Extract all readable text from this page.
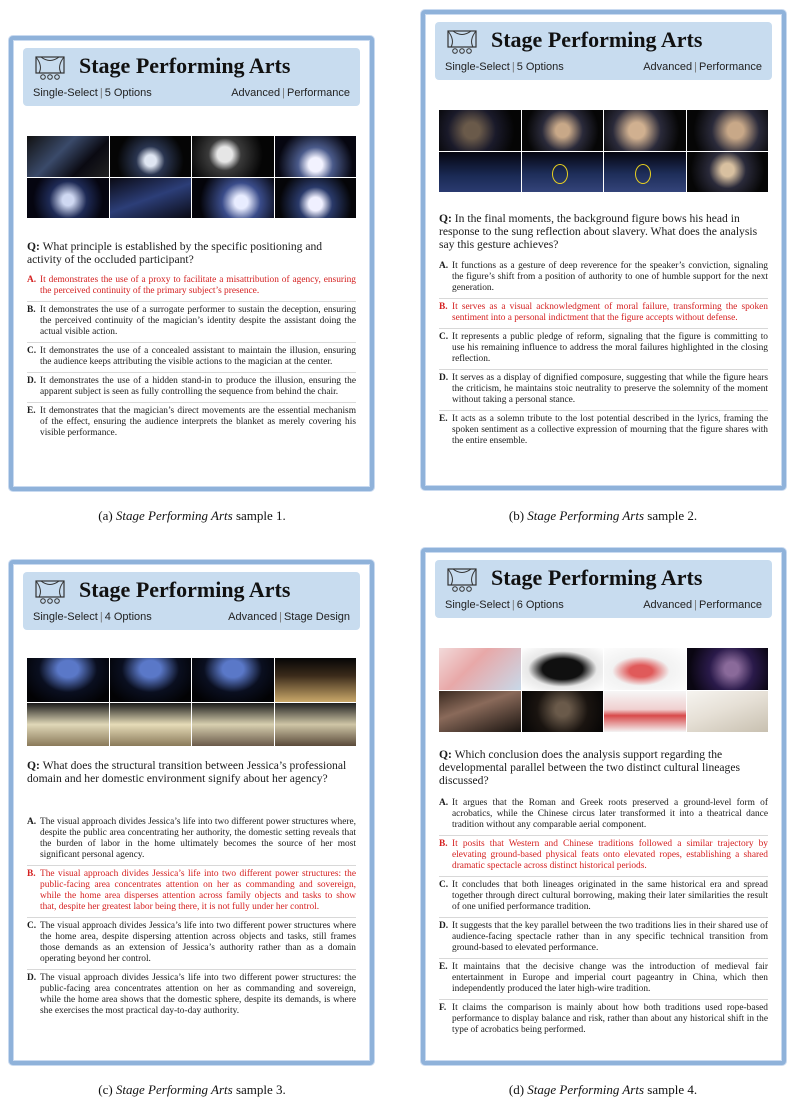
Stage Performing Arts
Single-Select | 5 Options	Advanced | Performance
Q: What principle is established by the specific positioning and activity of the occluded participant?
A. It demonstrates the use of a proxy to facilitate a misattribution of agency, ensuring the perceived continuity of the primary subject’s presence.
B. It demonstrates the use of a surrogate performer to sustain the deception, ensuring the perceived continuity of the magician’s identity despite the assistant doing the actual visible action.
C. It demonstrates the use of a concealed assistant to maintain the illusion, ensuring the audience keeps attributing the visible actions to the magician at the center.
D. It demonstrates the use of a hidden stand-in to produce the illusion, ensuring the apparent subject is seen as fully controlling the sequence from behind the chair.
E. It demonstrates that the magician’s direct movements are the essential mechanism of the effect, ensuring the audience interprets the blanket as merely covering his visible performance.
(a) Stage Performing Arts sample 1.
Stage Performing Arts
Single-Select | 5 Options	Advanced | Performance
Q: In the final moments, the background figure bows his head in response to the sung reflection about slavery. What does the analysis say this gesture achieves?
A. It functions as a gesture of deep reverence for the speaker’s conviction, signaling the figure’s shift from a position of authority to one of humble support for the next generation.
B. It serves as a visual acknowledgment of moral failure, transforming the spoken sentiment into a personal indictment that the figure accepts without defense.
C. It represents a public pledge of reform, signaling that the figure is committing to use his remaining influence to address the moral failures highlighted in the closing reflection.
D. It serves as a display of dignified composure, suggesting that while the figure hears the criticism, he maintains stoic neutrality to preserve the solemnity of the moment without taking a personal stance.
E. It acts as a solemn tribute to the lost potential described in the lyrics, framing the spoken sentiment as a collective expression of mourning that the figure shares with the entire ensemble.
(b) Stage Performing Arts sample 2.
Stage Performing Arts
Single-Select | 4 Options	Advanced | Stage Design
Q: What does the structural transition between Jessica’s professional domain and her domestic environment signify about her agency?
A. The visual approach divides Jessica’s life into two different power structures where, despite the public area concentrating her authority, the domestic setting reveals that the burden of labor in the home ultimately becomes the source of her most significant personal agency.
B. The visual approach divides Jessica’s life into two different power structures: the public-facing area concentrates attention on her as commanding and sovereign, while the home area disperses attention across family objects and tasks to show that, despite her greatest labor being there, it is not fully under her control.
C. The visual approach divides Jessica’s life into two different power structures where the home area, despite dispersing attention across objects and tasks, still frames those demands as an extension of Jessica’s authority rather than as a domain operating beyond her control.
D. The visual approach divides Jessica’s life into two different power structures: the public-facing area concentrates attention on her as commanding and sovereign, while the home area shows that the domestic sphere, despite its demands, is where she exercises the most practical day-to-day authority.
(c) Stage Performing Arts sample 3.
Stage Performing Arts
Single-Select | 6 Options	Advanced | Performance
Q: Which conclusion does the analysis support regarding the developmental parallel between the two distinct cultural lineages discussed?
A. It argues that the Roman and Greek roots preserved a ground-level form of acrobatics, while the Chinese circus later transformed it into a theatrical dance tradition without any comparable aerial component.
B. It posits that Western and Chinese traditions followed a similar trajectory by elevating ground-based physical feats onto elevated ropes, establishing a shared dramatic spectacle across distinct historical periods.
C. It concludes that both lineages originated in the same historical era and spread together through direct cultural borrowing, making their later similarities the result of one unified performance tradition.
D. It suggests that the key parallel between the two traditions lies in their shared use of audience-facing spectacle rather than in any specific technical transition from ground-based to elevated performance.
E. It maintains that the decisive change was the introduction of medieval fair entertainment in Europe and imperial court pageantry in China, which then independently produced the later high-wire tradition.
F. It claims the comparison is mainly about how both traditions used rope-based performance to display balance and risk, rather than about any historical shift in the type of acrobatics being performed.
(d) Stage Performing Arts sample 4.
